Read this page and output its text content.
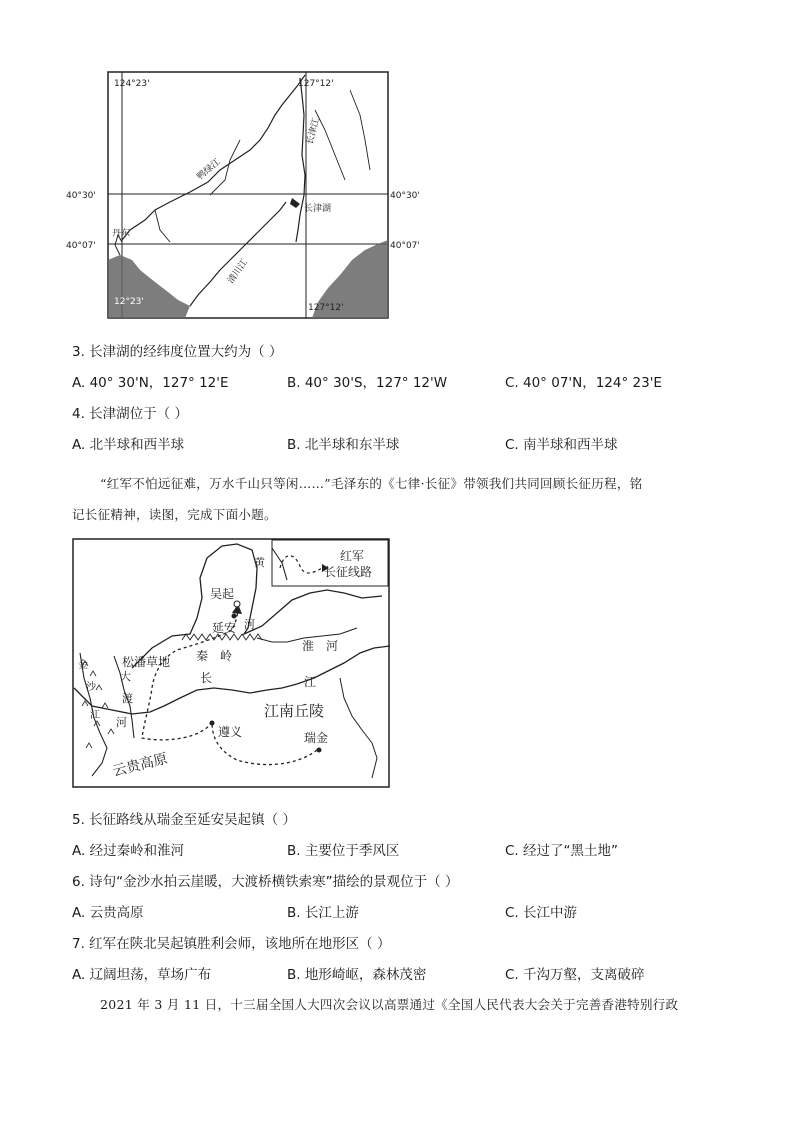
124°23'	127°12'
40°30'	40°30'
40°07'	40°07'
12°23'
127°12'
长津湖
丹东
鸭绿江
长津江
清川江
3. 长津湖的经纬度位置大约为（ ）
A. 40° 30'N，127° 12'E	B. 40° 30'S，127° 12'W	C. 40° 07'N，124° 23'E
4. 长津湖位于（ ）
A. 北半球和西半球	B. 北半球和东半球	C. 南半球和西半球
“红军不怕远征难，万水千山只等闲……”毛泽东的《七律·长征》带领我们共同回顾长征历程，铭
记长征精神，读图，完成下面小题。
红军
长征线路
黄
吴起
河
延安
秦　岭
淮　河
松潘草地
金
沙
江
大
渡
河
长	江
江南丘陵
遵义	瑞金
云贵高原
5. 长征路线从瑞金至延安吴起镇（ ）
A. 经过秦岭和淮河	B. 主要位于季风区	C. 经过了“黑土地”
6. 诗句“金沙水拍云崖暖，大渡桥横铁索寒”描绘的景观位于（ ）
A. 云贵高原	B. 长江上游	C. 长江中游
7. 红军在陕北吴起镇胜利会师，该地所在地形区（ ）
A. 辽阔坦荡，草场广布	B. 地形崎岖，森林茂密	C. 千沟万壑，支离破碎
2021 年 3 月 11 日，十三届全国人大四次会议以高票通过《全国人民代表大会关于完善香港特别行政
